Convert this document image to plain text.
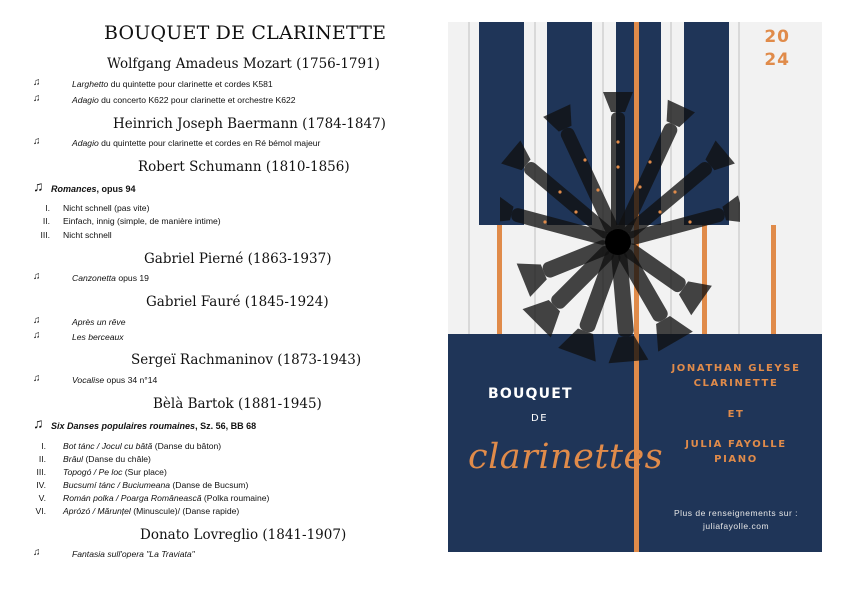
BOUQUET DE CLARINETTE
Wolfgang Amadeus Mozart (1756-1791)
♫	Larghetto du quintette pour clarinette et cordes K581
♫	Adagio du concerto K622 pour clarinette et orchestre K622
Heinrich Joseph Baermann (1784-1847)
♫	Adagio du quintette pour clarinette et cordes en Ré bémol majeur
Robert Schumann (1810-1856)
♫ Romances, opus 94
I. Nicht schnell (pas vite)
II. Einfach, innig (simple, de manière intime)
III. Nicht schnell
Gabriel Pierné (1863-1937)
♫	Canzonetta opus 19
Gabriel Fauré (1845-1924)
♫	Après un rêve
♫	Les berceaux
Sergeï Rachmaninov (1873-1943)
♫	Vocalise opus 34 n°14
Bèlà Bartok (1881-1945)
♫ Six Danses populaires roumaines, Sz. 56, BB 68
I. Bot tánc / Jocul cu bâtă (Danse du bâton)
II. Brâul (Danse du châle)
III. Topogó / Pe loc (Sur place)
IV. Bucsumí tánc / Buciumeana (Danse de Bucsum)
V. Román polka / Poarga Românească (Polka roumaine)
VI. Aprózó / Mărunțel (Minuscule)/ (Danse rapide)
Donato Lovreglio (1841-1907)
♫	Fantasia sull'opera "La Traviata"
20
24
BOUQUET
DE
clarinettes
JONATHAN GLEYSE
CLARINETTE
ET
JULIA FAYOLLE
PIANO
Plus de renseignements sur :
juliafayolle.com
